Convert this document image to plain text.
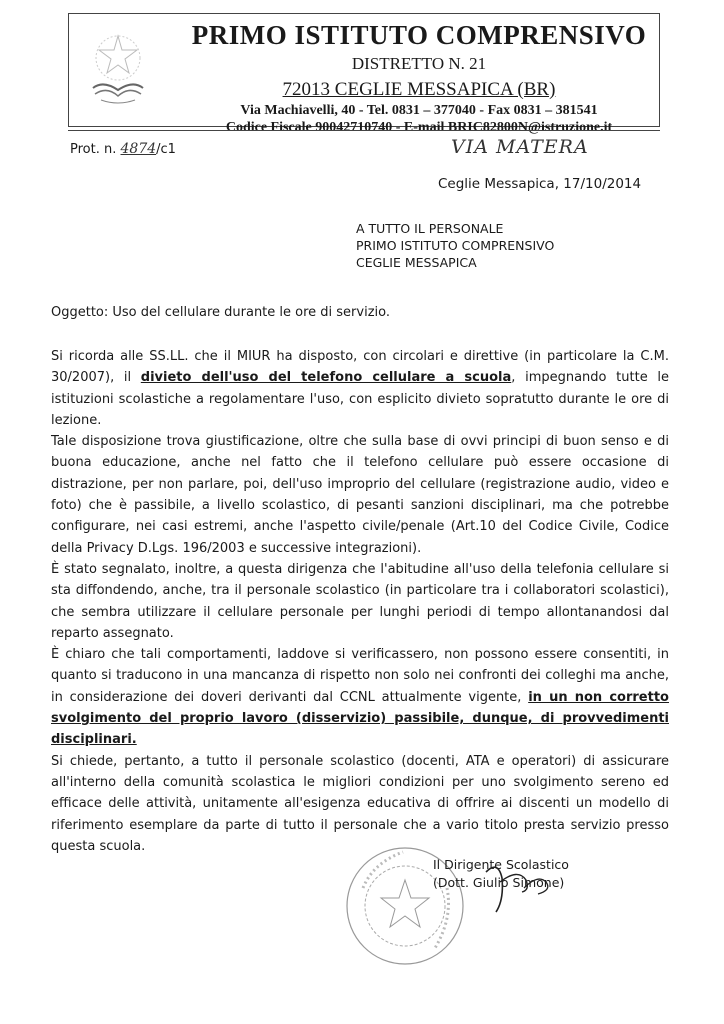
PRIMO ISTITUTO COMPRENSIVO
DISTRETTO N. 21
72013 CEGLIE MESSAPICA (BR)
Via Machiavelli, 40 - Tel. 0831 – 377040 - Fax 0831 – 381541
Codice Fiscale 90042710740 - E-mail BRIC82800N@istruzione.it
Prot. n. 4874/c1	VIA MATERA
Ceglie Messapica, 17/10/2014
A TUTTO IL PERSONALE
PRIMO ISTITUTO COMPRENSIVO
CEGLIE MESSAPICA
Oggetto: Uso del cellulare durante le ore di servizio.

Si ricorda alle SS.LL. che il MIUR ha disposto, con circolari e direttive (in particolare la C.M. 30/2007), il divieto dell'uso del telefono cellulare a scuola, impegnando tutte le istituzioni scolastiche a regolamentare l'uso, con esplicito divieto sopratutto durante le ore di lezione.

Tale disposizione trova giustificazione, oltre che sulla base di ovvi principi di buon senso e di buona educazione, anche nel fatto che il telefono cellulare può essere occasione di distrazione, per non parlare, poi, dell'uso improprio del cellulare (registrazione audio, video e foto) che è passibile, a livello scolastico, di pesanti sanzioni disciplinari, ma che potrebbe configurare, nei casi estremi, anche l'aspetto civile/penale (Art.10 del Codice Civile, Codice della Privacy D.Lgs. 196/2003 e successive integrazioni).

È stato segnalato, inoltre, a questa dirigenza che l'abitudine all'uso della telefonia cellulare si sta diffondendo, anche, tra il personale scolastico (in particolare tra i collaboratori scolastici), che sembra utilizzare il cellulare personale per lunghi periodi di tempo allontanandosi dal reparto assegnato.

È chiaro che tali comportamenti, laddove si verificassero, non possono essere consentiti, in quanto si traducono in una mancanza di rispetto non solo nei confronti dei colleghi ma anche, in considerazione dei doveri derivanti dal CCNL attualmente vigente, in un non corretto svolgimento del proprio lavoro (disservizio) passibile, dunque, di provvedimenti disciplinari.

Si chiede, pertanto, a tutto il personale scolastico (docenti, ATA e operatori) di assicurare all'interno della comunità scolastica le migliori condizioni per uno svolgimento sereno ed efficace delle attività, unitamente all'esigenza educativa di offrire ai discenti un modello di riferimento esemplare da parte di tutto il personale che a vario titolo presta servizio presso questa scuola.

Il Dirigente Scolastico
(Dott. Giulio Simone)
